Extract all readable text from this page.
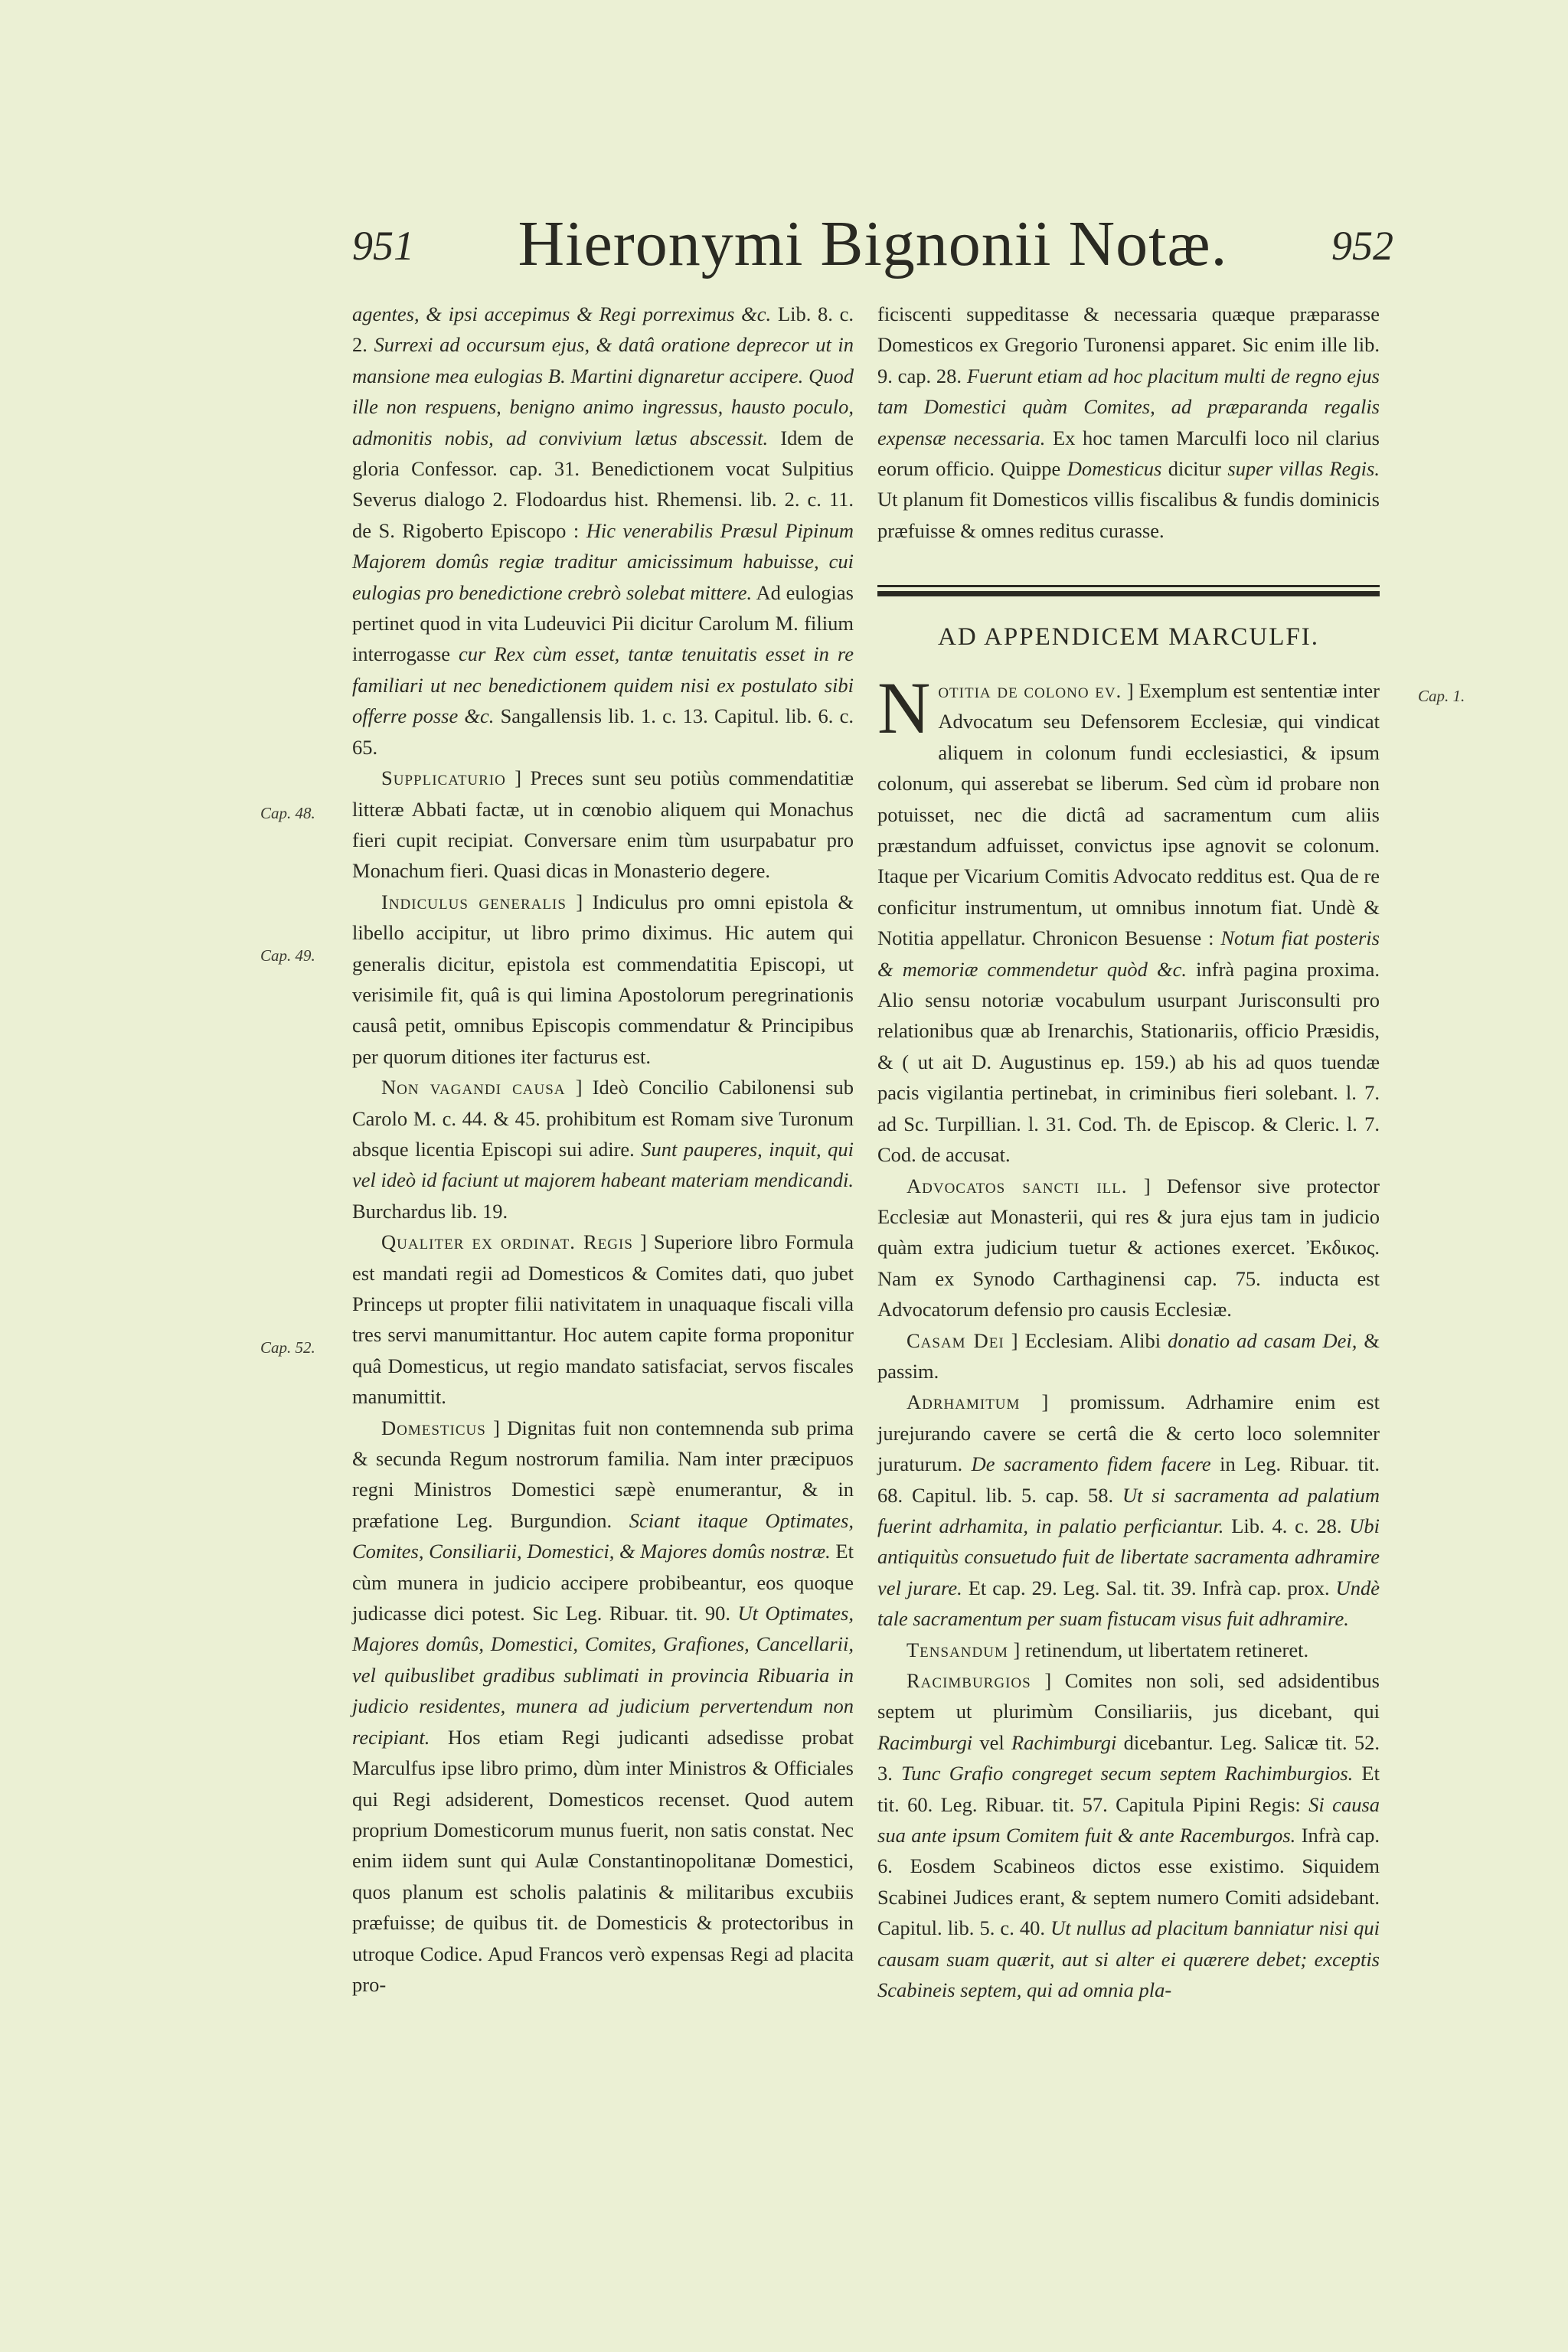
951	Hieronymi Bignonii Notæ.	952
Cap. 48.
Cap. 49.
Cap. 52.
Cap. 1.

agentes, & ipsi accepimus & Regi porreximus &c. Lib. 8. c. 2. Surrexi ad occursum ejus, & datâ oratione deprecor ut in mansione mea eulogias B. Martini dignaretur accipere. Quod ille non respuens, benigno animo ingressus, hausto poculo, admonitis nobis, ad convivium lætus abscessit. Idem de gloria Confessor. cap. 31. Benedictionem vocat Sulpitius Severus dialogo 2. Flodoardus hist. Rhemensi. lib. 2. c. 11. de S. Rigoberto Episcopo : Hic venerabilis Præsul Pipinum Majorem domûs regiæ traditur amicissimum habuisse, cui eulogias pro benedictione crebrò solebat mittere. Ad eulogias pertinet quod in vita Ludeuvici Pii dicitur Carolum M. filium interrogasse cur Rex cùm esset, tantæ tenuitatis esset in re familiari ut nec benedictionem quidem nisi ex postulato sibi offerre posse &c. Sangallensis lib. 1. c. 13. Capitul. lib. 6. c. 65.

Supplicaturio ] Preces sunt seu potiùs commendatitiæ litteræ Abbati factæ, ut in cœnobio aliquem qui Monachus fieri cupit recipiat. Conversare enim tùm usurpabatur pro Monachum fieri. Quasi dicas in Monasterio degere.

Indiculus generalis ] Indiculus pro omni epistola & libello accipitur, ut libro primo diximus. Hic autem qui generalis dicitur, epistola est commendatitia Episcopi, ut verisimile fit, quâ is qui limina Apostolorum peregrinationis causâ petit, omnibus Episcopis commendatur & Principibus per quorum ditiones iter facturus est.

Non vagandi causa ] Ideò Concilio Cabilonensi sub Carolo M. c. 44. & 45. prohibitum est Romam sive Turonum absque licentia Episcopi sui adire. Sunt pauperes, inquit, qui vel ideò id faciunt ut majorem habeant materiam mendicandi. Burchardus lib. 19.

Qualiter ex ordinat. Regis ] Superiore libro Formula est mandati regii ad Domesticos & Comites dati, quo jubet Princeps ut propter filii nativitatem in unaquaque fiscali villa tres servi manumittantur. Hoc autem capite forma proponitur quâ Domesticus, ut regio mandato satisfaciat, servos fiscales manumittit.

Domesticus ] Dignitas fuit non contemnenda sub prima & secunda Regum nostrorum familia. Nam inter præcipuos regni Ministros Domestici sæpè enumerantur, & in præfatione Leg. Burgundion. Sciant itaque Optimates, Comites, Consiliarii, Domestici, & Majores domûs nostræ. Et cùm munera in judicio accipere probibeantur, eos quoque judicasse dici potest. Sic Leg. Ribuar. tit. 90. Ut Optimates, Majores domûs, Domestici, Comites, Grafiones, Cancellarii, vel quibuslibet gradibus sublimati in provincia Ribuaria in judicio residentes, munera ad judicium pervertendum non recipiant. Hos etiam Regi judicanti adsedisse probat Marculfus ipse libro primo, dùm inter Ministros & Officiales qui Regi adsiderent, Domesticos recenset. Quod autem proprium Domesticorum munus fuerit, non satis constat. Nec enim iidem sunt qui Aulæ Constantinopolitanæ Domestici, quos planum est scholis palatinis & militaribus excubiis præfuisse; de quibus tit. de Domesticis & protectoribus in utroque Codice. Apud Francos verò expensas Regi ad placita pro-

ficiscenti suppeditasse & necessaria quæque præparasse Domesticos ex Gregorio Turonensi apparet. Sic enim ille lib. 9. cap. 28. Fuerunt etiam ad hoc placitum multi de regno ejus tam Domestici quàm Comites, ad præparanda regalis expensæ necessaria. Ex hoc tamen Marculfi loco nil clarius eorum officio. Quippe Domesticus dicitur super villas Regis. Ut planum fit Domesticos villis fiscalibus & fundis dominicis præfuisse & omnes reditus curasse.

AD APPENDICEM MARCULFI.

Notitia de colono ev. ] Exemplum est sententiæ inter Advocatum seu Defensorem Ecclesiæ, qui vindicat aliquem in colonum fundi ecclesiastici, & ipsum colonum, qui asserebat se liberum. Sed cùm id probare non potuisset, nec die dictâ ad sacramentum cum aliis præstandum adfuisset, convictus ipse agnovit se colonum. Itaque per Vicarium Comitis Advocato redditus est. Qua de re conficitur instrumentum, ut omnibus innotum fiat. Undè & Notitia appellatur. Chronicon Besuense : Notum fiat posteris & memoriæ commendetur quòd &c. infrà pagina proxima. Alio sensu notoriæ vocabulum usurpant Jurisconsulti pro relationibus quæ ab Irenarchis, Stationariis, officio Præsidis, & ( ut ait D. Augustinus ep. 159.) ab his ad quos tuendæ pacis vigilantia pertinebat, in criminibus fieri solebant. l. 7. ad Sc. Turpillian. l. 31. Cod. Th. de Episcop. & Cleric. l. 7. Cod. de accusat.

Advocatos sancti ill. ] Defensor sive protector Ecclesiæ aut Monasterii, qui res & jura ejus tam in judicio quàm extra judicium tuetur & actiones exercet. Ἐκδικος. Nam ex Synodo Carthaginensi cap. 75. inducta est Advocatorum defensio pro causis Ecclesiæ.

Casam Dei ] Ecclesiam. Alibi donatio ad casam Dei, & passim.

Adrhamitum ] promissum. Adrhamire enim est jurejurando cavere se certâ die & certo loco solemniter juraturum. De sacramento fidem facere in Leg. Ribuar. tit. 68. Capitul. lib. 5. cap. 58. Ut si sacramenta ad palatium fuerint adrhamita, in palatio perficiantur. Lib. 4. c. 28. Ubi antiquitùs consuetudo fuit de libertate sacramenta adhramire vel jurare. Et cap. 29. Leg. Sal. tit. 39. Infrà cap. prox. Undè tale sacramentum per suam fistucam visus fuit adhramire.

Tensandum ] retinendum, ut libertatem retineret.

Racimburgios ] Comites non soli, sed adsidentibus septem ut plurimùm Consiliariis, jus dicebant, qui Racimburgi vel Rachimburgi dicebantur. Leg. Salicæ tit. 52. 3. Tunc Grafio congreget secum septem Rachimburgios. Et tit. 60. Leg. Ribuar. tit. 57. Capitula Pipini Regis: Si causa sua ante ipsum Comitem fuit & ante Racemburgos. Infrà cap. 6. Eosdem Scabineos dictos esse existimo. Siquidem Scabinei Judices erant, & septem numero Comiti adsidebant. Capitul. lib. 5. c. 40. Ut nullus ad placitum banniatur nisi qui causam suam quærit, aut si alter ei quærere debet; exceptis Scabineis septem, qui ad omnia pla-
